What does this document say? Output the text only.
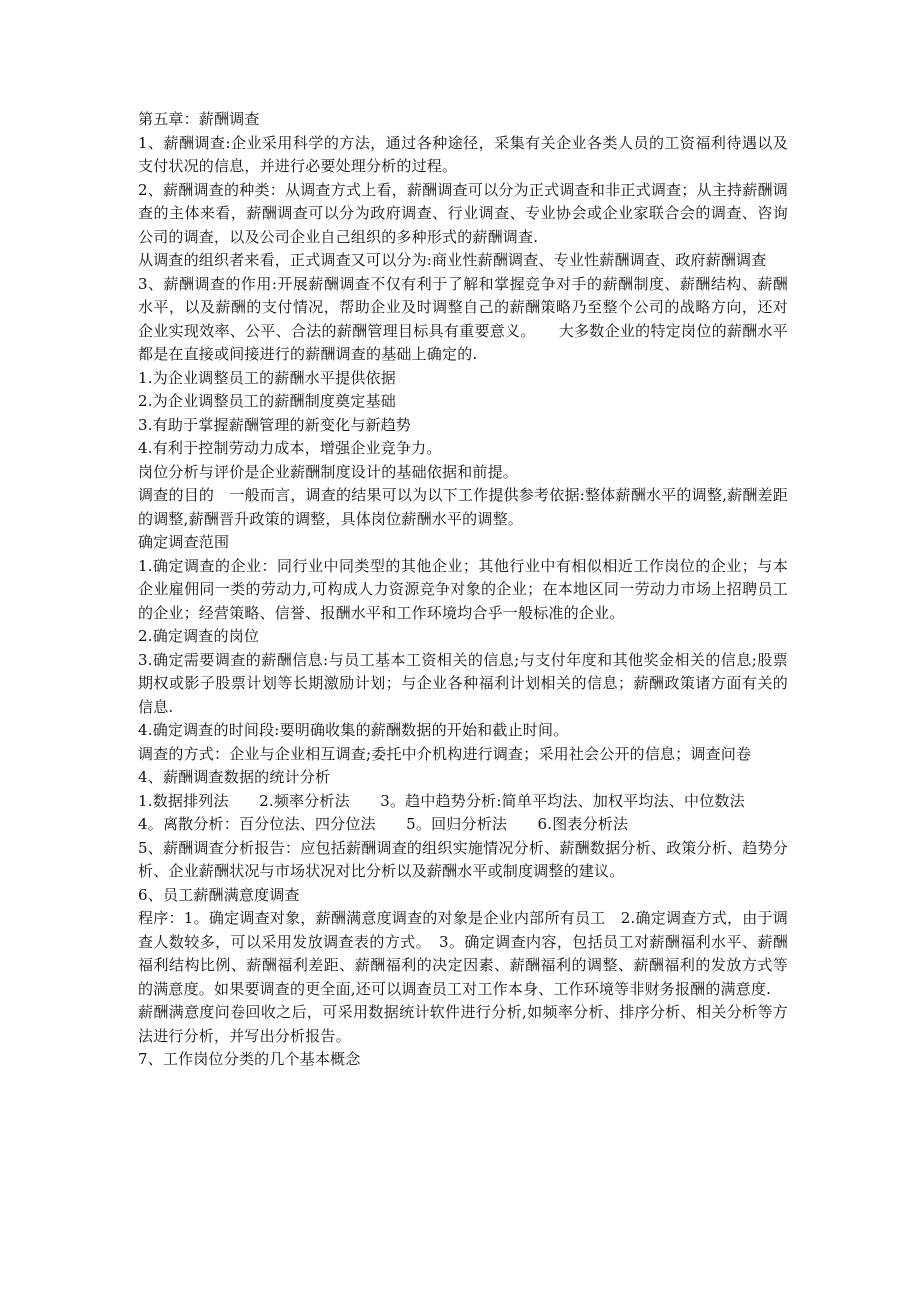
第五章：薪酬调查

1、薪酬调查:企业采用科学的方法，通过各种途径，采集有关企业各类人员的工资福利待遇以及支付状况的信息，并进行必要处理分析的过程。

2、薪酬调查的种类：从调查方式上看，薪酬调查可以分为正式调查和非正式调查；从主持薪酬调查的主体来看，薪酬调查可以分为政府调查、行业调查、专业协会或企业家联合会的调查、咨询公司的调查，以及公司企业自己组织的多种形式的薪酬调查.

从调查的组织者来看，正式调查又可以分为:商业性薪酬调查、专业性薪酬调查、政府薪酬调查

3、薪酬调查的作用:开展薪酬调查不仅有利于了解和掌握竞争对手的薪酬制度、薪酬结构、薪酬水平，以及薪酬的支付情况，帮助企业及时调整自己的薪酬策略乃至整个公司的战略方向，还对企业实现效率、公平、合法的薪酬管理目标具有重要意义。　　大多数企业的特定岗位的薪酬水平都是在直接或间接进行的薪酬调查的基础上确定的.

1.为企业调整员工的薪酬水平提供依据

2.为企业调整员工的薪酬制度奠定基础

3.有助于掌握薪酬管理的新变化与新趋势

4.有利于控制劳动力成本，增强企业竞争力。

岗位分析与评价是企业薪酬制度设计的基础依据和前提。

调查的目的　一般而言，调查的结果可以为以下工作提供参考依据:整体薪酬水平的调整,薪酬差距的调整,薪酬晋升政策的调整，具体岗位薪酬水平的调整。

确定调查范围

1.确定调查的企业：同行业中同类型的其他企业；其他行业中有相似相近工作岗位的企业；与本企业雇佣同一类的劳动力,可构成人力资源竞争对象的企业；在本地区同一劳动力市场上招聘员工的企业；经营策略、信誉、报酬水平和工作环境均合乎一般标准的企业。

2.确定调查的岗位

3.确定需要调查的薪酬信息:与员工基本工资相关的信息;与支付年度和其他奖金相关的信息;股票期权或影子股票计划等长期激励计划；与企业各种福利计划相关的信息；薪酬政策诸方面有关的信息.

4.确定调查的时间段:要明确收集的薪酬数据的开始和截止时间。

调查的方式：企业与企业相互调查;委托中介机构进行调查；采用社会公开的信息；调查问卷

4、薪酬调查数据的统计分析

1.数据排列法　　2.频率分析法　　3。趋中趋势分析:简单平均法、加权平均法、中位数法

4。离散分析：百分位法、四分位法　　5。回归分析法　　6.图表分析法

5、薪酬调查分析报告：应包括薪酬调查的组织实施情况分析、薪酬数据分析、政策分析、趋势分析、企业薪酬状况与市场状况对比分析以及薪酬水平或制度调整的建议。

6、员工薪酬满意度调查

程序：1。确定调查对象，薪酬满意度调查的对象是企业内部所有员工　2.确定调查方式，由于调查人数较多，可以采用发放调查表的方式。　3。确定调查内容，包括员工对薪酬福利水平、薪酬福利结构比例、薪酬福利差距、薪酬福利的决定因素、薪酬福利的调整、薪酬福利的发放方式等的满意度。如果要调查的更全面,还可以调查员工对工作本身、工作环境等非财务报酬的满意度.

薪酬满意度问卷回收之后，可采用数据统计软件进行分析,如频率分析、排序分析、相关分析等方法进行分析，并写出分析报告。

7、工作岗位分类的几个基本概念
